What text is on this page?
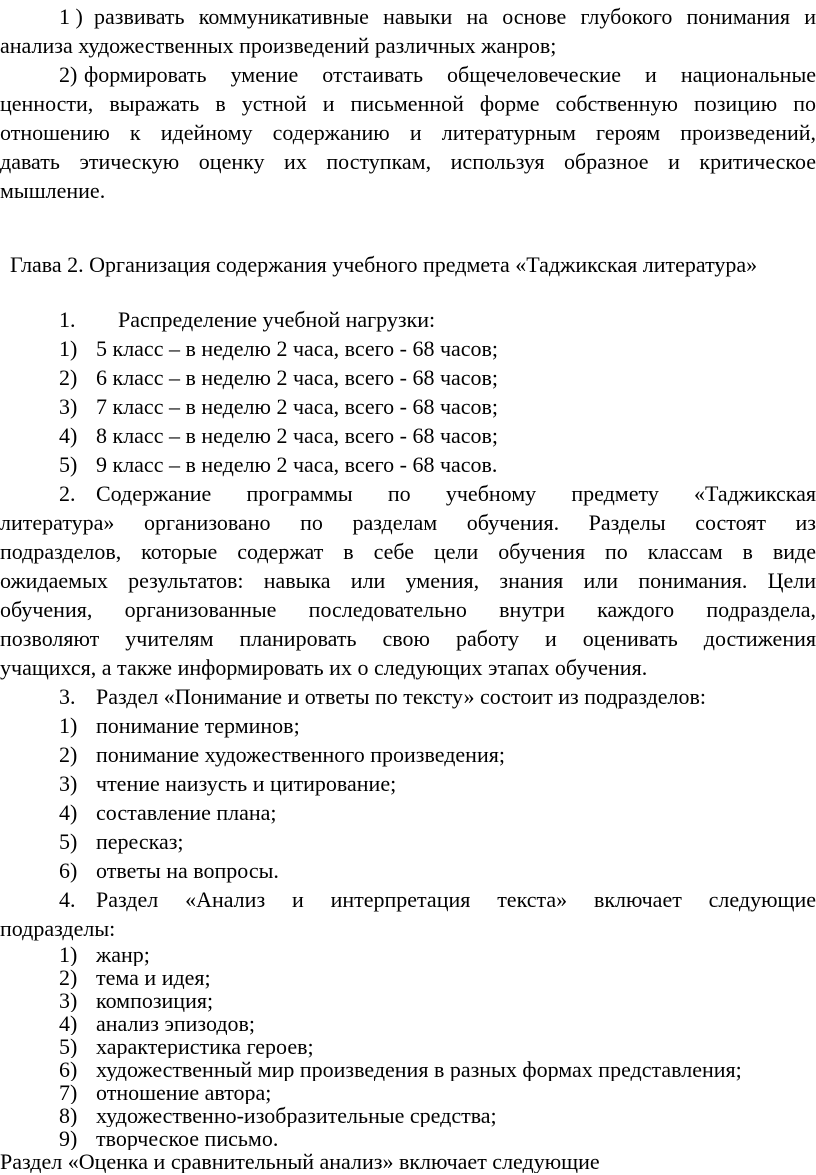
1 ) развивать коммуникативные навыки на основе глубокого понимания и
анализа художественных произведений различных жанров;
2) формировать умение отстаивать общечеловеческие и национальные
ценности, выражать в устной и письменной форме собственную позицию по
отношению к идейному содержанию и литературным героям произведений,
давать этическую оценку их поступкам, используя образное и критическое
мышление.
Глава 2. Организация содержания учебного предмета «Таджикская литература»
1. Распределение учебной нагрузки:
1) 5 класс – в неделю 2 часа, всего - 68 часов;
2) 6 класс – в неделю 2 часа, всего - 68 часов;
3) 7 класс – в неделю 2 часа, всего - 68 часов;
4) 8 класс – в неделю 2 часа, всего - 68 часов;
5) 9 класс – в неделю 2 часа, всего - 68 часов.
2. Содержание программы по учебному предмету «Таджикская
литература» организовано по разделам обучения. Разделы состоят из
подразделов, которые содержат в себе цели обучения по классам в виде
ожидаемых результатов: навыка или умения, знания или понимания. Цели
обучения, организованные последовательно внутри каждого подраздела,
позволяют учителям планировать свою работу и оценивать достижения
учащихся, а также информировать их о следующих этапах обучения.
3. Раздел «Понимание и ответы по тексту» состоит из подразделов:
1) понимание терминов;
2) понимание художественного произведения;
3) чтение наизусть и цитирование;
4) составление плана;
5) пересказ;
6) ответы на вопросы.
4. Раздел «Анализ и интерпретация текста» включает следующие
подразделы:
1) жанр;
2) тема и идея;
3) композиция;
4) анализ эпизодов;
5) характеристика героев;
6) художественный мир произведения в разных формах представления;
7) отношение автора;
8) художественно-изобразительные средства;
9) творческое письмо.
Раздел «Оценка и сравнительный анализ» включает следующие
